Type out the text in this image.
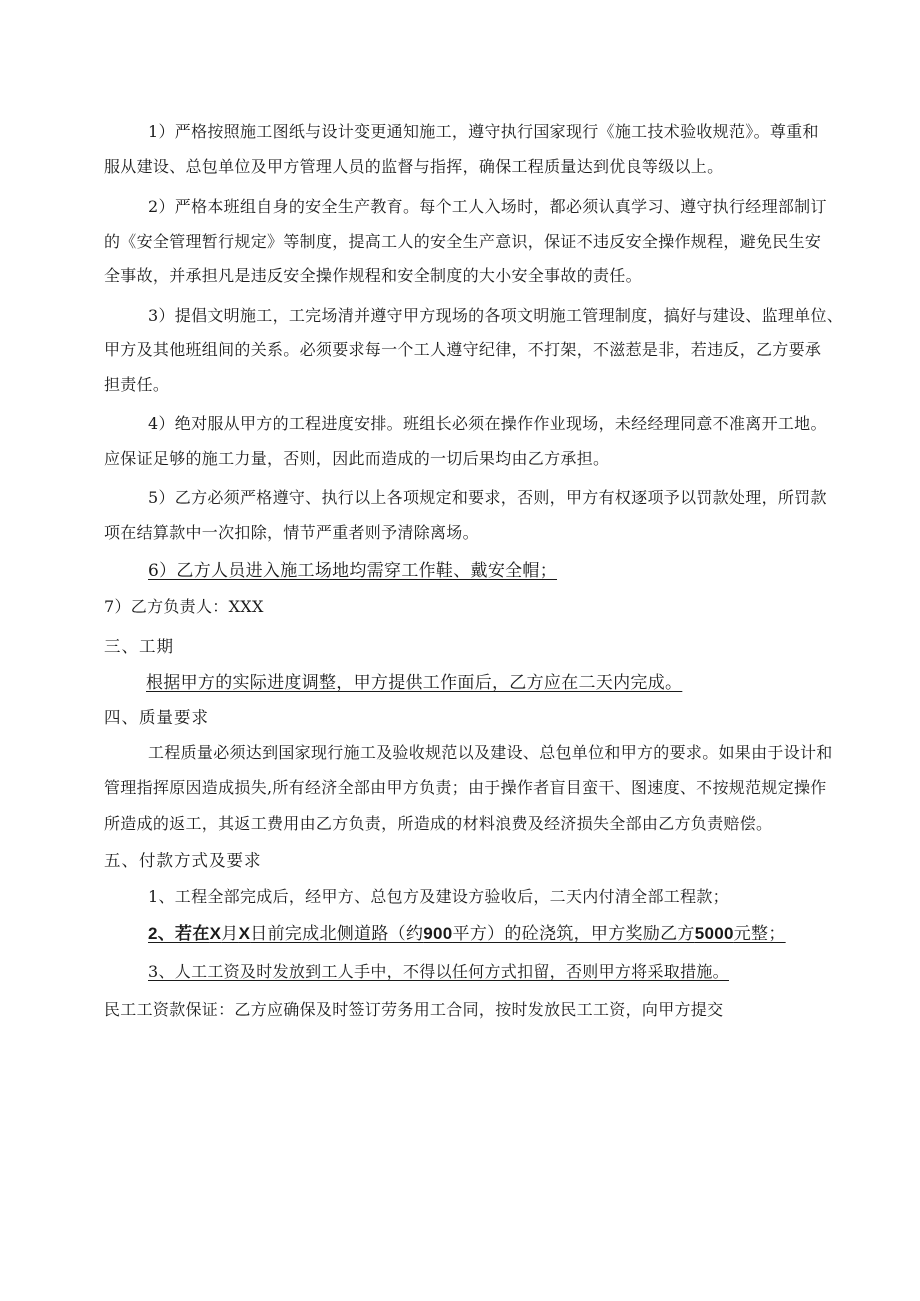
1）严格按照施工图纸与设计变更通知施工，遵守执行国家现行《施工技术验收规范》。尊重和
服从建设、总包单位及甲方管理人员的监督与指挥，确保工程质量达到优良等级以上。
2）严格本班组自身的安全生产教育。每个工人入场时，都必须认真学习、遵守执行经理部制订
的《安全管理暂行规定》等制度，提高工人的安全生产意识，保证不违反安全操作规程，避免民生安
全事故，并承担凡是违反安全操作规程和安全制度的大小安全事故的责任。
3）提倡文明施工，工完场清并遵守甲方现场的各项文明施工管理制度，搞好与建设、监理单位、
甲方及其他班组间的关系。必须要求每一个工人遵守纪律，不打架，不滋惹是非，若违反，乙方要承
担责任。
4）绝对服从甲方的工程进度安排。班组长必须在操作作业现场，未经经理同意不准离开工地。
应保证足够的施工力量，否则，因此而造成的一切后果均由乙方承担。
5）乙方必须严格遵守、执行以上各项规定和要求，否则，甲方有权逐项予以罚款处理，所罚款
项在结算款中一次扣除，情节严重者则予清除离场。
6）乙方人员进入施工场地均需穿工作鞋、戴安全帽；
7）乙方负责人：XXX
三、工期
根据甲方的实际进度调整，甲方提供工作面后，乙方应在二天内完成。
四、质量要求
工程质量必须达到国家现行施工及验收规范以及建设、总包单位和甲方的要求。如果由于设计和
管理指挥原因造成损失,所有经济全部由甲方负责；由于操作者盲目蛮干、图速度、不按规范规定操作
所造成的返工，其返工费用由乙方负责，所造成的材料浪费及经济损失全部由乙方负责赔偿。
五、付款方式及要求
1、工程全部完成后，经甲方、总包方及建设方验收后，二天内付清全部工程款；
2、若在X月X日前完成北侧道路（约900平方）的砼浇筑，甲方奖励乙方5000元整；
3、人工工资及时发放到工人手中，不得以任何方式扣留，否则甲方将采取措施。
民工工资款保证：乙方应确保及时签订劳务用工合同，按时发放民工工资，向甲方提交
